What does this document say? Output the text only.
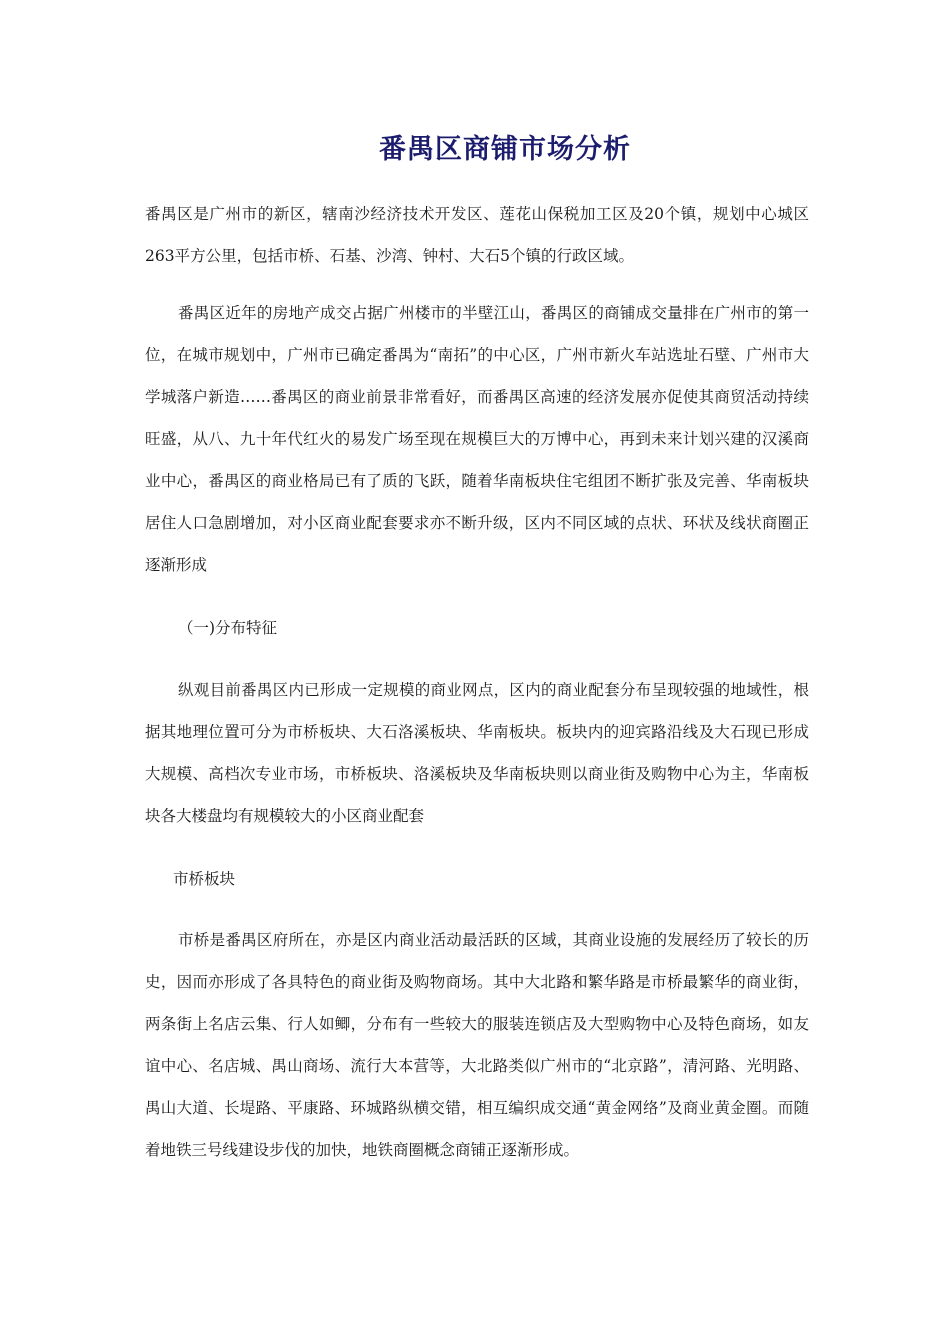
番禺区商铺市场分析

番禺区是广州市的新区，辖南沙经济技术开发区、莲花山保税加工区及20个镇，规划中心城区263平方公里，包括市桥、石基、沙湾、钟村、大石5个镇的行政区域。

番禺区近年的房地产成交占据广州楼市的半壁江山，番禺区的商铺成交量排在广州市的第一位，在城市规划中，广州市已确定番禺为“南拓”的中心区，广州市新火车站选址石壁、广州市大学城落户新造……番禺区的商业前景非常看好，而番禺区高速的经济发展亦促使其商贸活动持续旺盛，从八、九十年代红火的易发广场至现在规模巨大的万博中心，再到未来计划兴建的汉溪商业中心，番禺区的商业格局已有了质的飞跃，随着华南板块住宅组团不断扩张及完善、华南板块居住人口急剧增加，对小区商业配套要求亦不断升级，区内不同区域的点状、环状及线状商圈正逐渐形成

（一)分布特征

纵观目前番禺区内已形成一定规模的商业网点，区内的商业配套分布呈现较强的地域性，根据其地理位置可分为市桥板块、大石洛溪板块、华南板块。板块内的迎宾路沿线及大石现已形成大规模、高档次专业市场，市桥板块、洛溪板块及华南板块则以商业街及购物中心为主，华南板块各大楼盘均有规模较大的小区商业配套

市桥板块

市桥是番禺区府所在，亦是区内商业活动最活跃的区域，其商业设施的发展经历了较长的历史，因而亦形成了各具特色的商业街及购物商场。其中大北路和繁华路是市桥最繁华的商业街，两条街上名店云集、行人如鲫，分布有一些较大的服装连锁店及大型购物中心及特色商场，如友谊中心、名店城、禺山商场、流行大本营等，大北路类似广州市的“北京路”，清河路、光明路、禺山大道、长堤路、平康路、环城路纵横交错，相互编织成交通“黄金网络”及商业黄金圈。而随着地铁三号线建设步伐的加快，地铁商圈概念商铺正逐渐形成。
